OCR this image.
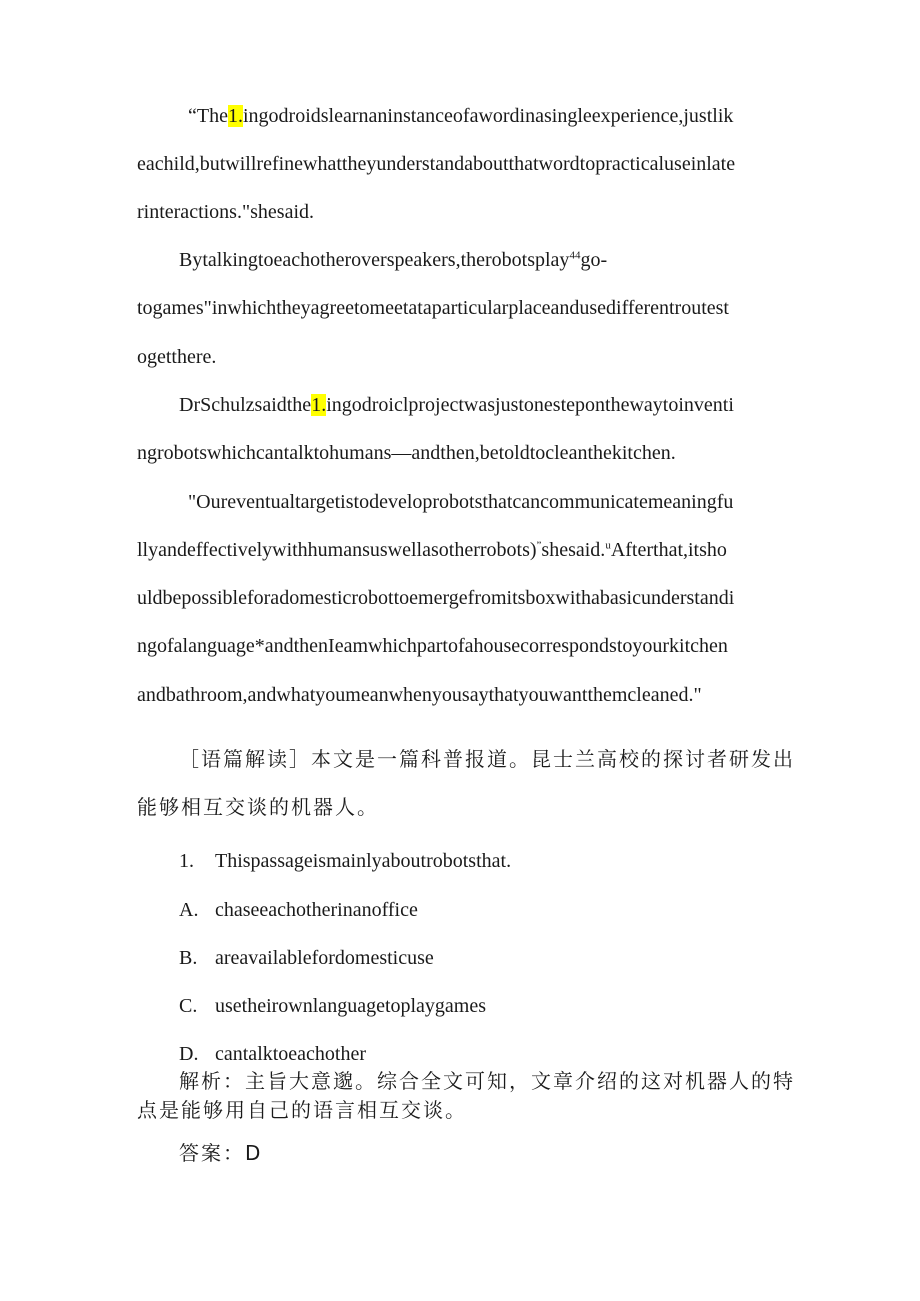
“The1.ingodroidslearnaninstanceofawordinasingleexperience,justlik
eachild,butwillrefinewhattheyunderstandaboutthatwordtopracticaluseinlate
rinteractions."shesaid.
Bytalkingtoeachotheroverspeakers,therobotsplay$^{44}$go-
togames"inwhichtheyagreetomeetataparticularplaceandusedifferentroutest
ogetthere.
DrSchulzsaidthe1.ingodroiclprojectwasjustonesteponthewaytoinventi
ngrobotswhichcantalktohumans—andthen,betoldtocleanthekitchen.
"Oureventualtargetistodeveloprobotsthatcancommunicatemeaningfu
llyandeffectivelywithhumansuswellasotherrobots)”shesaid.$^u$Afterthat,itsho
uldbepossibleforadomesticrobottoemergefromitsboxwithabasicunderstandi
ngofalanguage*andthenIeamwhichpartofahousecorrespondstoyourkitchen
andbathroom,andwhatyoumeanwhenyousaythatyouwantthemcleaned."
［语篇解读］本文是一篇科普报道。昆士兰高校的探讨者研发出
能够相互交谈的机器人。
1. Thispassageismainlyaboutrobotsthat.
A. chaseeachotherinanoffice
B. areavailablefordomesticuse
C. usetheirownlanguagetoplaygames
D. cantalktoeachother
解析：主旨大意邈。综合全文可知，文章介绍的这对机器人的特
点是能够用自己的语言相互交谈。
答案：D
